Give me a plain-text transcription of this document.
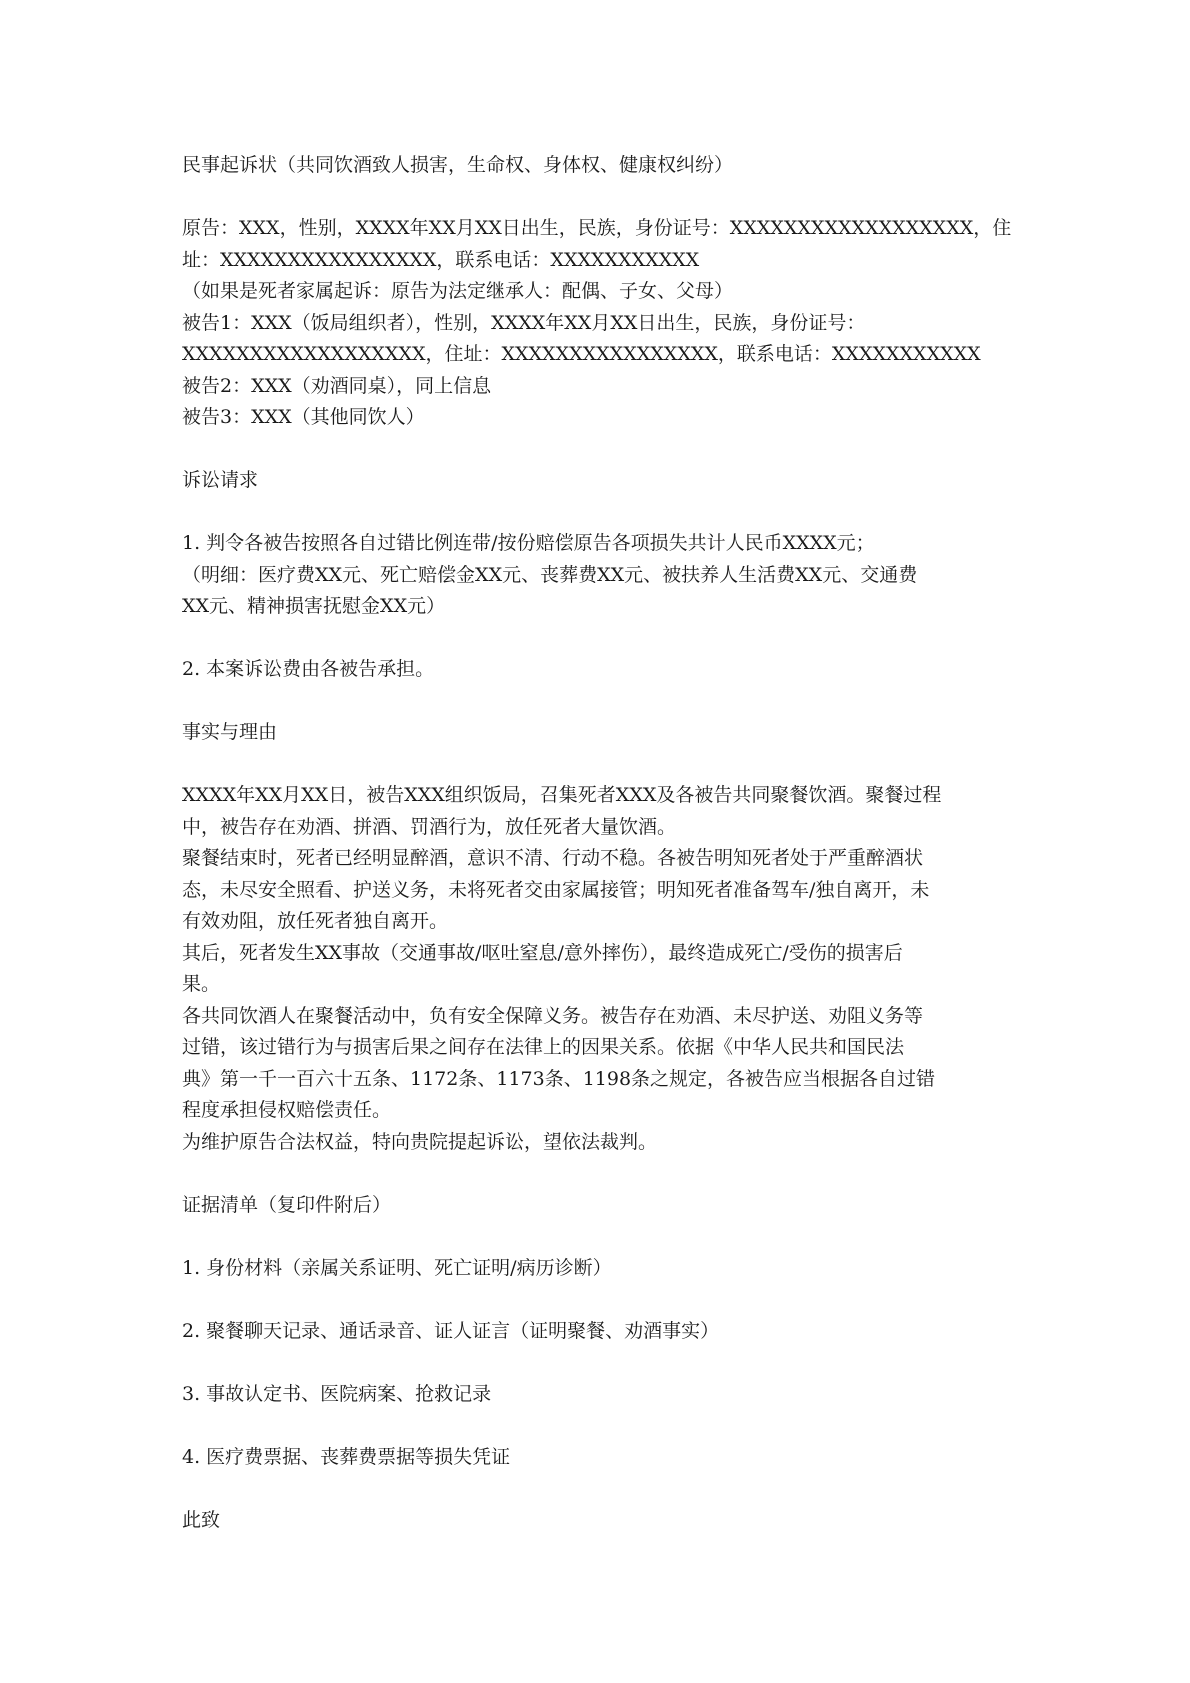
民事起诉状（共同饮酒致人损害，生命权、身体权、健康权纠纷）
原告：XXX，性别，XXXX年XX月XX日出生，民族，身份证号：XXXXXXXXXXXXXXXXXX，住
址：XXXXXXXXXXXXXXXX，联系电话：XXXXXXXXXXX
（如果是死者家属起诉：原告为法定继承人：配偶、子女、父母）
被告1：XXX（饭局组织者），性别，XXXX年XX月XX日出生，民族，身份证号：
XXXXXXXXXXXXXXXXXX，住址：XXXXXXXXXXXXXXXX，联系电话：XXXXXXXXXXX
被告2：XXX（劝酒同桌），同上信息
被告3：XXX（其他同饮人）
诉讼请求
1. 判令各被告按照各自过错比例连带/按份赔偿原告各项损失共计人民币XXXX元；
（明细：医疗费XX元、死亡赔偿金XX元、丧葬费XX元、被扶养人生活费XX元、交通费
XX元、精神损害抚慰金XX元）
2. 本案诉讼费由各被告承担。
事实与理由
XXXX年XX月XX日，被告XXX组织饭局，召集死者XXX及各被告共同聚餐饮酒。聚餐过程
中，被告存在劝酒、拼酒、罚酒行为，放任死者大量饮酒。
聚餐结束时，死者已经明显醉酒，意识不清、行动不稳。各被告明知死者处于严重醉酒状
态，未尽安全照看、护送义务，未将死者交由家属接管；明知死者准备驾车/独自离开，未
有效劝阻，放任死者独自离开。
其后，死者发生XX事故（交通事故/呕吐窒息/意外摔伤），最终造成死亡/受伤的损害后
果。
各共同饮酒人在聚餐活动中，负有安全保障义务。被告存在劝酒、未尽护送、劝阻义务等
过错，该过错行为与损害后果之间存在法律上的因果关系。依据《中华人民共和国民法
典》第一千一百六十五条、1172条、1173条、1198条之规定，各被告应当根据各自过错
程度承担侵权赔偿责任。
为维护原告合法权益，特向贵院提起诉讼，望依法裁判。
证据清单（复印件附后）
1. 身份材料（亲属关系证明、死亡证明/病历诊断）
2. 聚餐聊天记录、通话录音、证人证言（证明聚餐、劝酒事实）
3. 事故认定书、医院病案、抢救记录
4. 医疗费票据、丧葬费票据等损失凭证
此致
